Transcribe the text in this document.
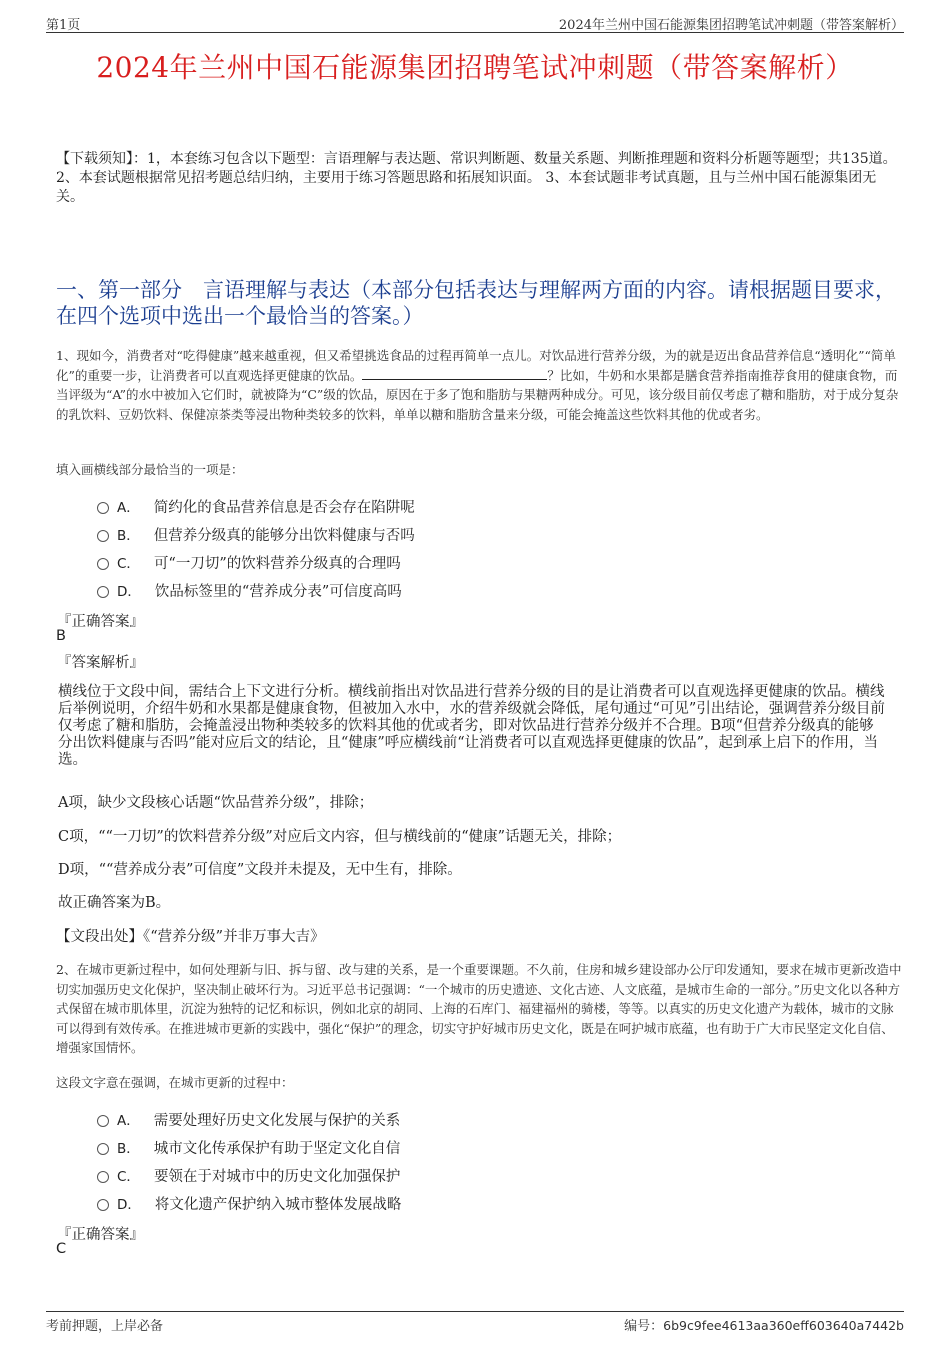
第1页	2024年兰州中国石能源集团招聘笔试冲刺题（带答案解析）
2024年兰州中国石能源集团招聘笔试冲刺题（带答案解析）
【下载须知】：1，本套练习包含以下题型：言语理解与表达题、常识判断题、数量关系题、判断推理题和资料分析题等题型；共135道。 2、本套试题根据常见招考题总结归纳，主要用于练习答题思路和拓展知识面。 3、本套试题非考试真题，且与兰州中国石能源集团无关。
一、第一部分　言语理解与表达（本部分包括表达与理解两方面的内容。请根据题目要求，在四个选项中选出一个最恰当的答案。）
1、现如今，消费者对“吃得健康”越来越重视，但又希望挑选食品的过程再简单一点儿。对饮品进行营养分级，为的就是迈出食品营养信息“透明化”“简单化”的重要一步，让消费者可以直观选择更健康的饮品。	？比如，牛奶和水果都是膳食营养指南推荐食用的健康食物，而当评级为“A”的水中被加入它们时，就被降为“C”级的饮品，原因在于多了饱和脂肪与果糖两种成分。可见，该分级目前仅考虑了糖和脂肪，对于成分复杂的乳饮料、豆奶饮料、保健凉茶类等浸出物种类较多的饮料，单单以糖和脂肪含量来分级，可能会掩盖这些饮料其他的优或者劣。
填入画横线部分最恰当的一项是：
A． 简约化的食品营养信息是否会存在陷阱呢
B． 但营养分级真的能够分出饮料健康与否吗
C． 可“一刀切”的饮料营养分级真的合理吗
D． 饮品标签里的“营养成分表”可信度高吗
『正确答案』
B
『答案解析』
横线位于文段中间，需结合上下文进行分析。横线前指出对饮品进行营养分级的目的是让消费者可以直观选择更健康的饮品。横线后举例说明，介绍牛奶和水果都是健康食物，但被加入水中，水的营养级就会降低，尾句通过“可见”引出结论，强调营养分级目前仅考虑了糖和脂肪，会掩盖浸出物种类较多的饮料其他的优或者劣，即对饮品进行营养分级并不合理。B项“但营养分级真的能够分出饮料健康与否吗”能对应后文的结论，且“健康”呼应横线前“让消费者可以直观选择更健康的饮品”，起到承上启下的作用，当选。
A项，缺少文段核心话题“饮品营养分级”，排除；
C项，““一刀切”的饮料营养分级”对应后文内容，但与横线前的“健康”话题无关，排除；
D项，““营养成分表”可信度”文段并未提及，无中生有，排除。
故正确答案为B。
【文段出处】《“营养分级”并非万事大吉》
2、在城市更新过程中，如何处理新与旧、拆与留、改与建的关系，是一个重要课题。不久前，住房和城乡建设部办公厅印发通知，要求在城市更新改造中切实加强历史文化保护，坚决制止破坏行为。习近平总书记强调：“一个城市的历史遗迹、文化古迹、人文底蕴，是城市生命的一部分。”历史文化以各种方式保留在城市肌体里，沉淀为独特的记忆和标识，例如北京的胡同、上海的石库门、福建福州的骑楼，等等。以真实的历史文化遗产为载体，城市的文脉可以得到有效传承。在推进城市更新的实践中，强化“保护”的理念，切实守护好城市历史文化，既是在呵护城市底蕴，也有助于广大市民坚定文化自信、增强家国情怀。
这段文字意在强调，在城市更新的过程中：
A． 需要处理好历史文化发展与保护的关系
B． 城市文化传承保护有助于坚定文化自信
C． 要领在于对城市中的历史文化加强保护
D． 将文化遗产保护纳入城市整体发展战略
『正确答案』
C
考前押题，上岸必备	编号：6b9c9fee4613aa360eff603640a7442b
